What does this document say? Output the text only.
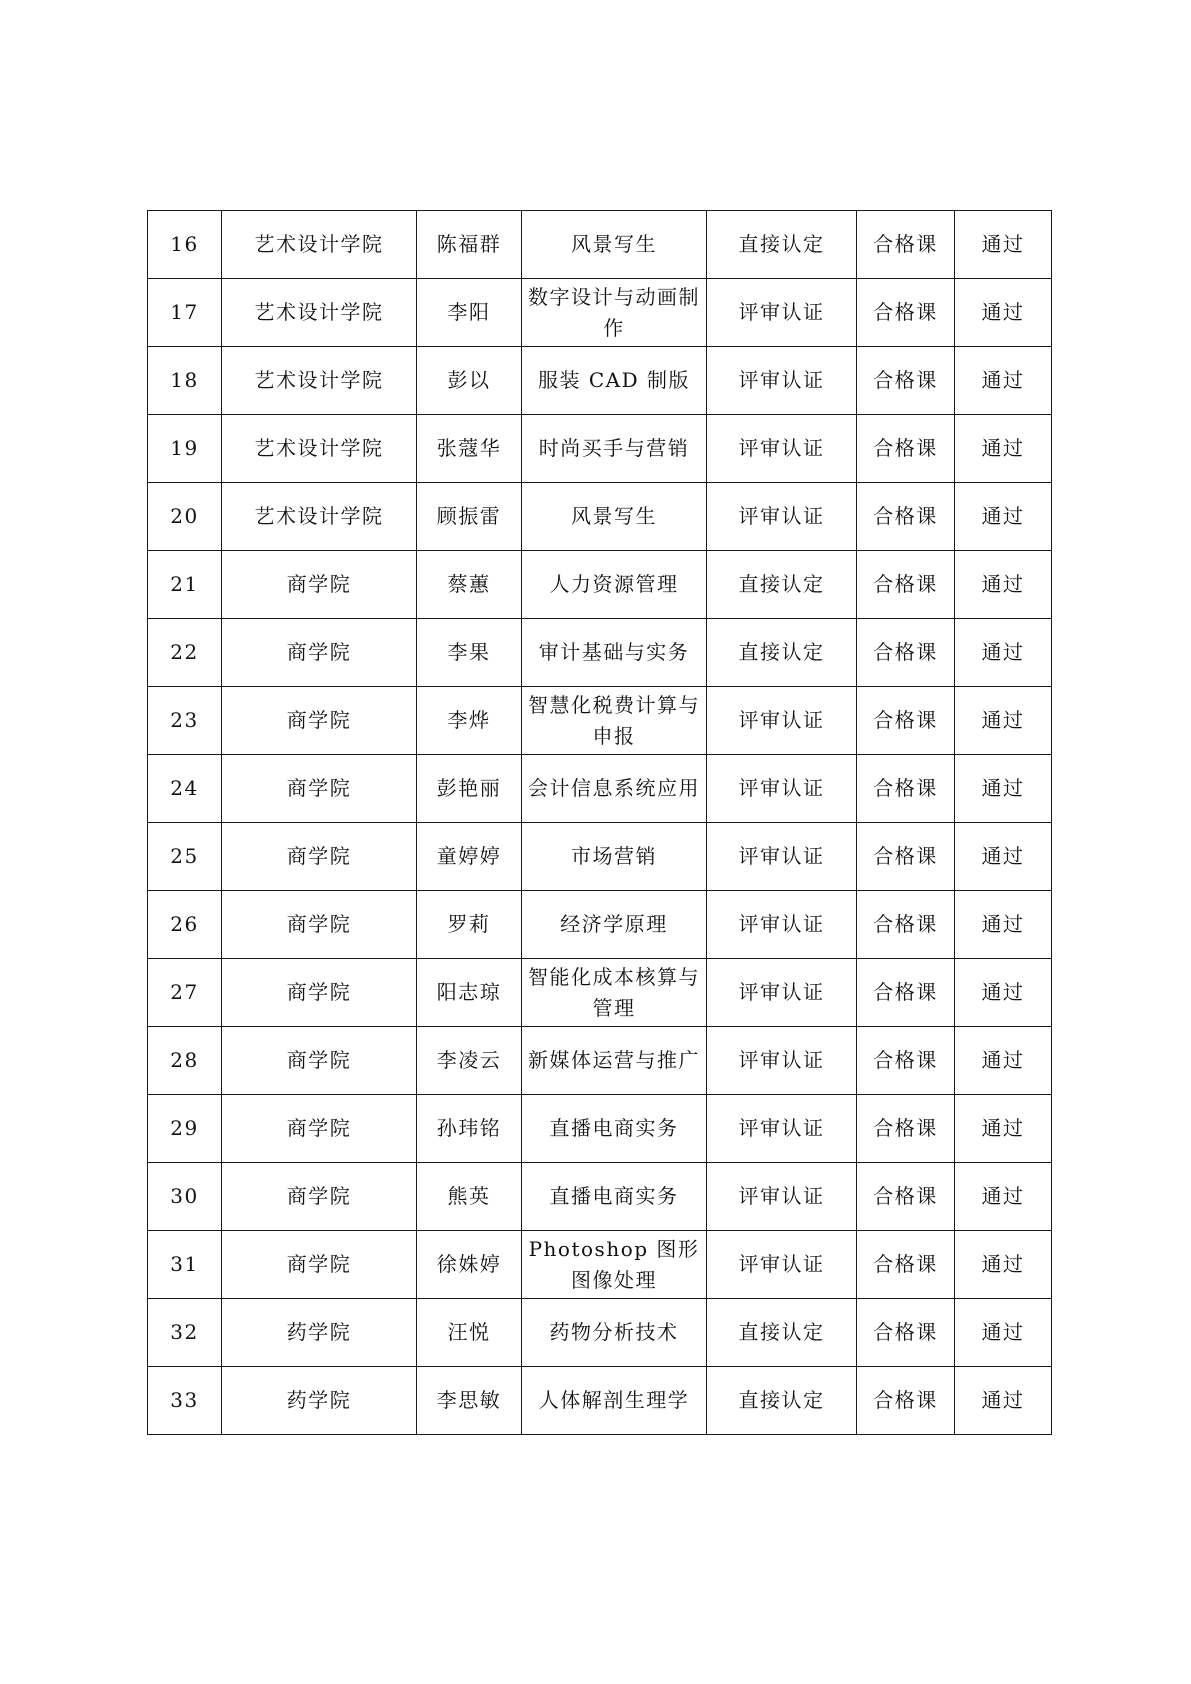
16	艺术设计学院	陈福群	风景写生	直接认定	合格课	通过
17	艺术设计学院	李阳	数字设计与动画制作	评审认证	合格课	通过
18	艺术设计学院	彭以	服装 CAD 制版	评审认证	合格课	通过
19	艺术设计学院	张蔻华	时尚买手与营销	评审认证	合格课	通过
20	艺术设计学院	顾振雷	风景写生	评审认证	合格课	通过
21	商学院	蔡蕙	人力资源管理	直接认定	合格课	通过
22	商学院	李果	审计基础与实务	直接认定	合格课	通过
23	商学院	李烨	智慧化税费计算与申报	评审认证	合格课	通过
24	商学院	彭艳丽	会计信息系统应用	评审认证	合格课	通过
25	商学院	童婷婷	市场营销	评审认证	合格课	通过
26	商学院	罗莉	经济学原理	评审认证	合格课	通过
27	商学院	阳志琼	智能化成本核算与管理	评审认证	合格课	通过
28	商学院	李凌云	新媒体运营与推广	评审认证	合格课	通过
29	商学院	孙玮铭	直播电商实务	评审认证	合格课	通过
30	商学院	熊英	直播电商实务	评审认证	合格课	通过
31	商学院	徐姝婷	Photoshop 图形图像处理	评审认证	合格课	通过
32	药学院	汪悦	药物分析技术	直接认定	合格课	通过
33	药学院	李思敏	人体解剖生理学	直接认定	合格课	通过
